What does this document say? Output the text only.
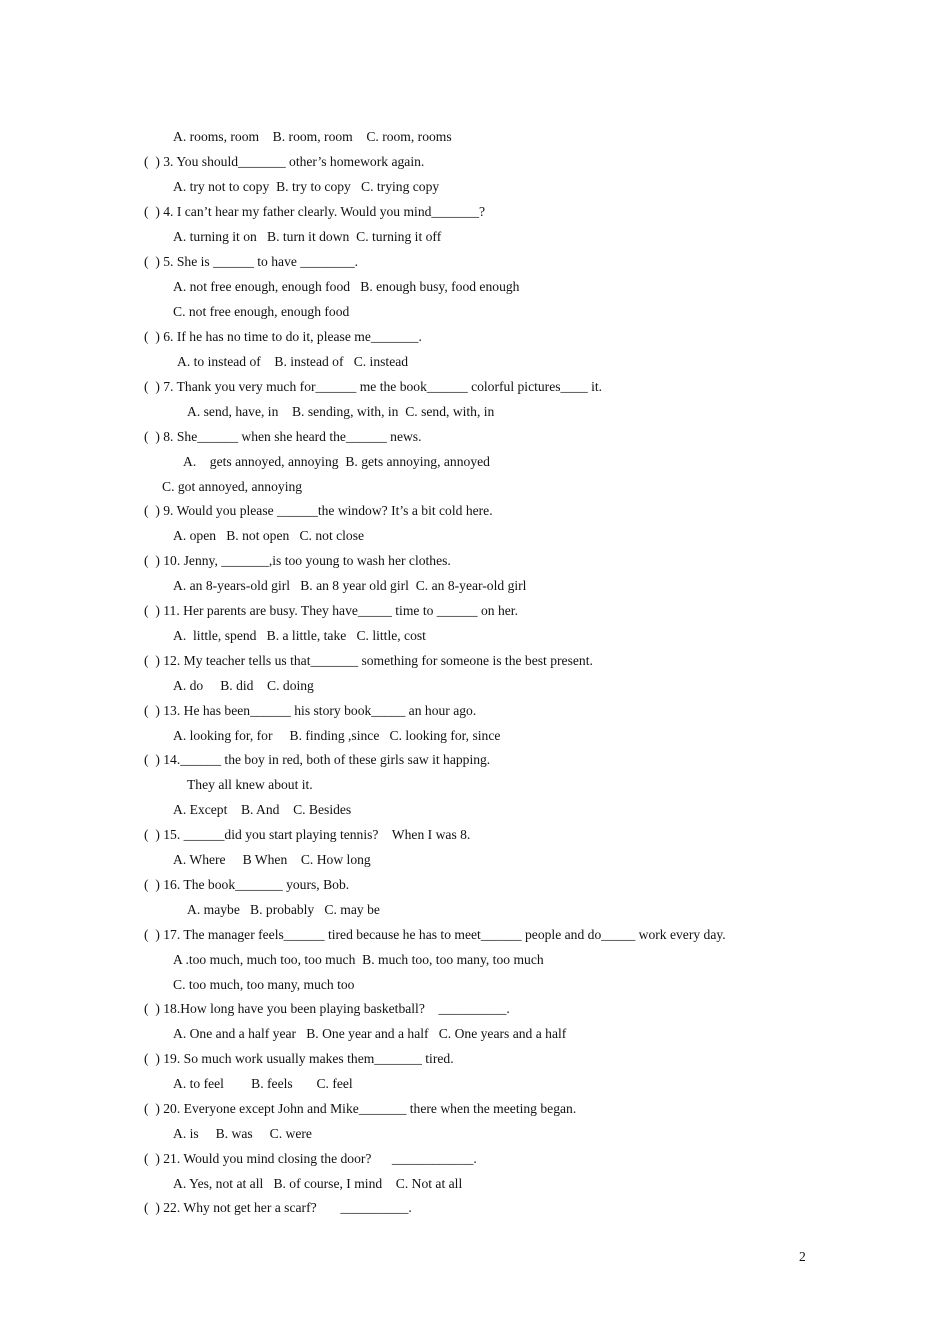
A. rooms, room    B. room, room    C. room, rooms
(  ) 3. You should_______ other’s homework again.
A. try not to copy  B. try to copy   C. trying copy
(  ) 4. I can’t hear my father clearly. Would you mind_______?
A. turning it on   B. turn it down  C. turning it off
(  ) 5. She is ______ to have ________.
A. not free enough, enough food   B. enough busy, food enough
C. not free enough, enough food
(  ) 6. If he has no time to do it, please me_______.
A. to instead of    B. instead of   C. instead
(  ) 7. Thank you very much for______ me the book______ colorful pictures____ it.
A. send, have, in    B. sending, with, in  C. send, with, in
(  ) 8. She______ when she heard the______ news.
A.    gets annoyed, annoying  B. gets annoying, annoyed
C. got annoyed, annoying
(  ) 9. Would you please ______the window? It’s a bit cold here.
A. open   B. not open   C. not close
(  ) 10. Jenny, _______,is too young to wash her clothes.
A. an 8-years-old girl   B. an 8 year old girl  C. an 8-year-old girl
(  ) 11. Her parents are busy. They have_____ time to ______ on her.
A.  little, spend   B. a little, take   C. little, cost
(  ) 12. My teacher tells us that_______ something for someone is the best present.
A. do     B. did    C. doing
(  ) 13. He has been______ his story book_____ an hour ago.
A. looking for, for     B. finding ,since   C. looking for, since
(  ) 14.______ the boy in red, both of these girls saw it happing.
They all knew about it.
A. Except    B. And    C. Besides
(  ) 15. ______did you start playing tennis?    When I was 8.
A. Where     B When    C. How long
(  ) 16. The book_______ yours, Bob.
A. maybe   B. probably   C. may be
(  ) 17. The manager feels______ tired because he has to meet______ people and do_____ work every day.
A .too much, much too, too much  B. much too, too many, too much
C. too much, too many, much too
(  ) 18.How long have you been playing basketball?    __________.
A. One and a half year   B. One year and a half   C. One years and a half
(  ) 19. So much work usually makes them_______ tired.
A. to feel        B. feels       C. feel
(  ) 20. Everyone except John and Mike_______ there when the meeting began.
A. is     B. was     C. were
(  ) 21. Would you mind closing the door?      ____________.
A. Yes, not at all   B. of course, I mind    C. Not at all
(  ) 22. Why not get her a scarf?       __________.
2
